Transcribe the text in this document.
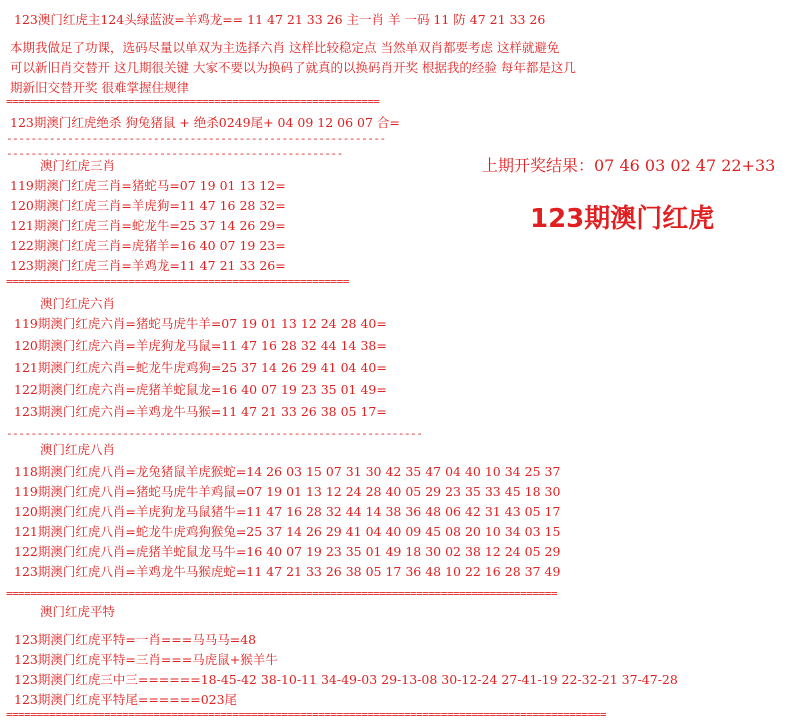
123澳门红虎主124头绿蓝波=羊鸡龙== 11 47 21 33 26 主一肖 羊 一码 11 防 47 21 33 26
本期我做足了功课，选码尽量以单双为主选择六肖 这样比较稳定点 当然单双肖都要考虑 这样就避免
可以新旧肖交替开 这几期很关键 大家不要以为换码了就真的以换码肖开奖 根据我的经验 每年都是这几
期新旧交替开奖 很难掌握住规律
=============================================================
123期澳门红虎绝杀 狗兔猪鼠 + 绝杀0249尾+ 04 09 12 06 07 合=
--------------------------------------------------------------
-------------------------------------------------------
上期开奖结果：07 46 03 02 47 22+33
123期澳门红虎
澳门红虎三肖
119期澳门红虎三肖=猪蛇马=07 19 01 13 12=
120期澳门红虎三肖=羊虎狗=11 47 16 28 32=
121期澳门红虎三肖=蛇龙牛=25 37 14 26 29=
122期澳门红虎三肖=虎猪羊=16 40 07 19 23=
123期澳门红虎三肖=羊鸡龙=11 47 21 33 26=
========================================================
澳门红虎六肖
119期澳门红虎六肖=猪蛇马虎牛羊=07 19 01 13 12 24 28 40=
120期澳门红虎六肖=羊虎狗龙马鼠=11 47 16 28 32 44 14 38=
121期澳门红虎六肖=蛇龙牛虎鸡狗=25 37 14 26 29 41 04 40=
122期澳门红虎六肖=虎猪羊蛇鼠龙=16 40 07 19 23 35 01 49=
123期澳门红虎六肖=羊鸡龙牛马猴=11 47 21 33 26 38 05 17=
--------------------------------------------------------------------
澳门红虎八肖
118期澳门红虎八肖=龙兔猪鼠羊虎猴蛇=14 26 03 15 07 31 30 42 35 47 04 40 10 34 25 37
119期澳门红虎八肖=猪蛇马虎牛羊鸡鼠=07 19 01 13 12 24 28 40 05 29 23 35 33 45 18 30
120期澳门红虎八肖=羊虎狗龙马鼠猪牛=11 47 16 28 32 44 14 38 36 48 06 42 31 43 05 17
121期澳门红虎八肖=蛇龙牛虎鸡狗猴兔=25 37 14 26 29 41 04 40 09 45 08 20 10 34 03 15
122期澳门红虎八肖=虎猪羊蛇鼠龙马牛=16 40 07 19 23 35 01 49 18 30 02 38 12 24 05 29
123期澳门红虎八肖=羊鸡龙牛马猴虎蛇=11 47 21 33 26 38 05 17 36 48 10 22 16 28 37 49
==========================================================================================
澳门红虎平特
123期澳门红虎平特=一肖===马马马=48
123期澳门红虎平特=三肖===马虎鼠+猴羊牛
123期澳门红虎三中三======18-45-42 38-10-11 34-49-03 29-13-08 30-12-24 27-41-19 22-32-21 37-47-28
123期澳门红虎平特尾======023尾
==================================================================================================
